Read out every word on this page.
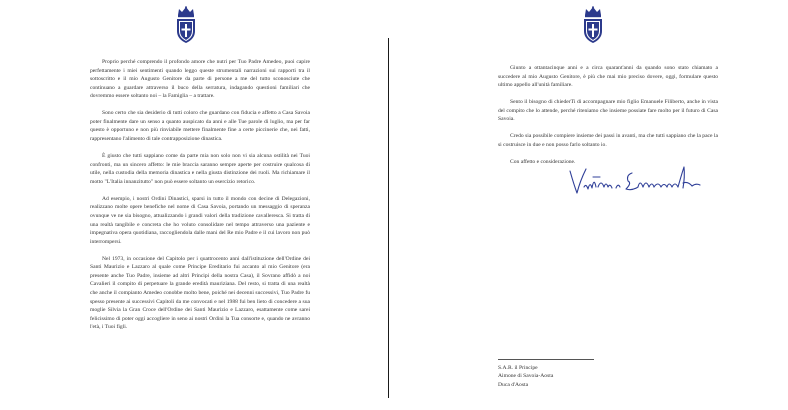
Proprio perché comprendo il profondo amore che nutri per Tuo Padre Amedeo, puoi capire perfettamente i miei sentimenti quando leggo queste strumentali narrazioni sui rapporti tra il sottoscritto e il mio Augusto Genitore da parte di persone a me del tutto sconosciute che continuano a guardare attraverso il buco della serratura, indagando questioni familiari che dovremmo essere soltanto noi – la Famiglia – a trattare.

Sono certo che sia desiderio di tutti coloro che guardano con fiducia e affetto a Casa Savoia poter finalmente dare un senso a quanto auspicato da anni e alle Tue parole di luglio, ma per far questo è opportuno e non più rinviabile mettere finalmente fine a certe piccinerie che, nei fatti, rappresentano l'alimento di tale contrapposizione dinastica.

È giusto che tutti sappiano come da parte mia non solo non vi sia alcuna ostilità nei Tuoi confronti, ma un sincero affetto: le mie braccia saranno sempre aperte per costruire qualcosa di utile, nella custodia della memoria dinastica e nella giusta distinzione dei ruoli. Ma richiamare il motto "L'Italia innanzitutto" non può essere soltanto un esercizio retorico.

Ad esempio, i nostri Ordini Dinastici, sparsi in tutto il mondo con decine di Delegazioni, realizzano molte opere benefiche nel nome di Casa Savoia, portando un messaggio di speranza ovunque ve ne sia bisogno, attualizzando i grandi valori della tradizione cavalleresca. Si tratta di una realtà tangibile e concreta che ho voluto consolidare nel tempo attraverso una paziente e impegnativa opera quotidiana, raccogliendola dalle mani del Re mio Padre e il cui lavoro non può interrompersi.

Nel 1973, in occasione del Capitolo per i quattrocento anni dall'istituzione dell'Ordine dei Santi Maurizio e Lazzaro al quale come Principe Ereditario fui accanto al mio Genitore (era presente anche Tuo Padre, insieme ad altri Principi della nostra Casa), il Sovrano affidò a noi Cavalieri il compito di perpetuare la grande eredità mauriziana. Del resto, si tratta di una realtà che anche il compianto Amedeo conobbe molto bene, poiché nei decenni successivi, Tuo Padre fu spesso presente ai successivi Capitoli da me convocati e nel 1988 fui ben lieto di concedere a sua moglie Silvia la Gran Croce dell'Ordine dei Santi Maurizio e Lazzaro, esattamente come sarei felicissimo di poter oggi accogliere in seno ai nostri Ordini la Tua consorte e, quando ne avranno l'età, i Tuoi figli.

Giunto a ottantacinque anni e a circa quarant'anni da quando sono stato chiamato a succedere al mio Augusto Genitore, è più che mai mio preciso dovere, oggi, formulare questo ultimo appello all'unità familiare.

Sento il bisogno di chiederTi di accompagnare mio figlio Emanuele Filiberto, anche in vista del compito che lo attende, perché riteniamo che insieme possiate fare molto per il futuro di Casa Savoia.

Credo sia possibile compiere insieme dei passi in avanti, ma che tutti sappiano che la pace la si costruisce in due e non posso farlo soltanto io.

Con affetto e considerazione.

S.A.R. il Principe
Aimone di Savoia-Aosta
Duca d'Aosta
